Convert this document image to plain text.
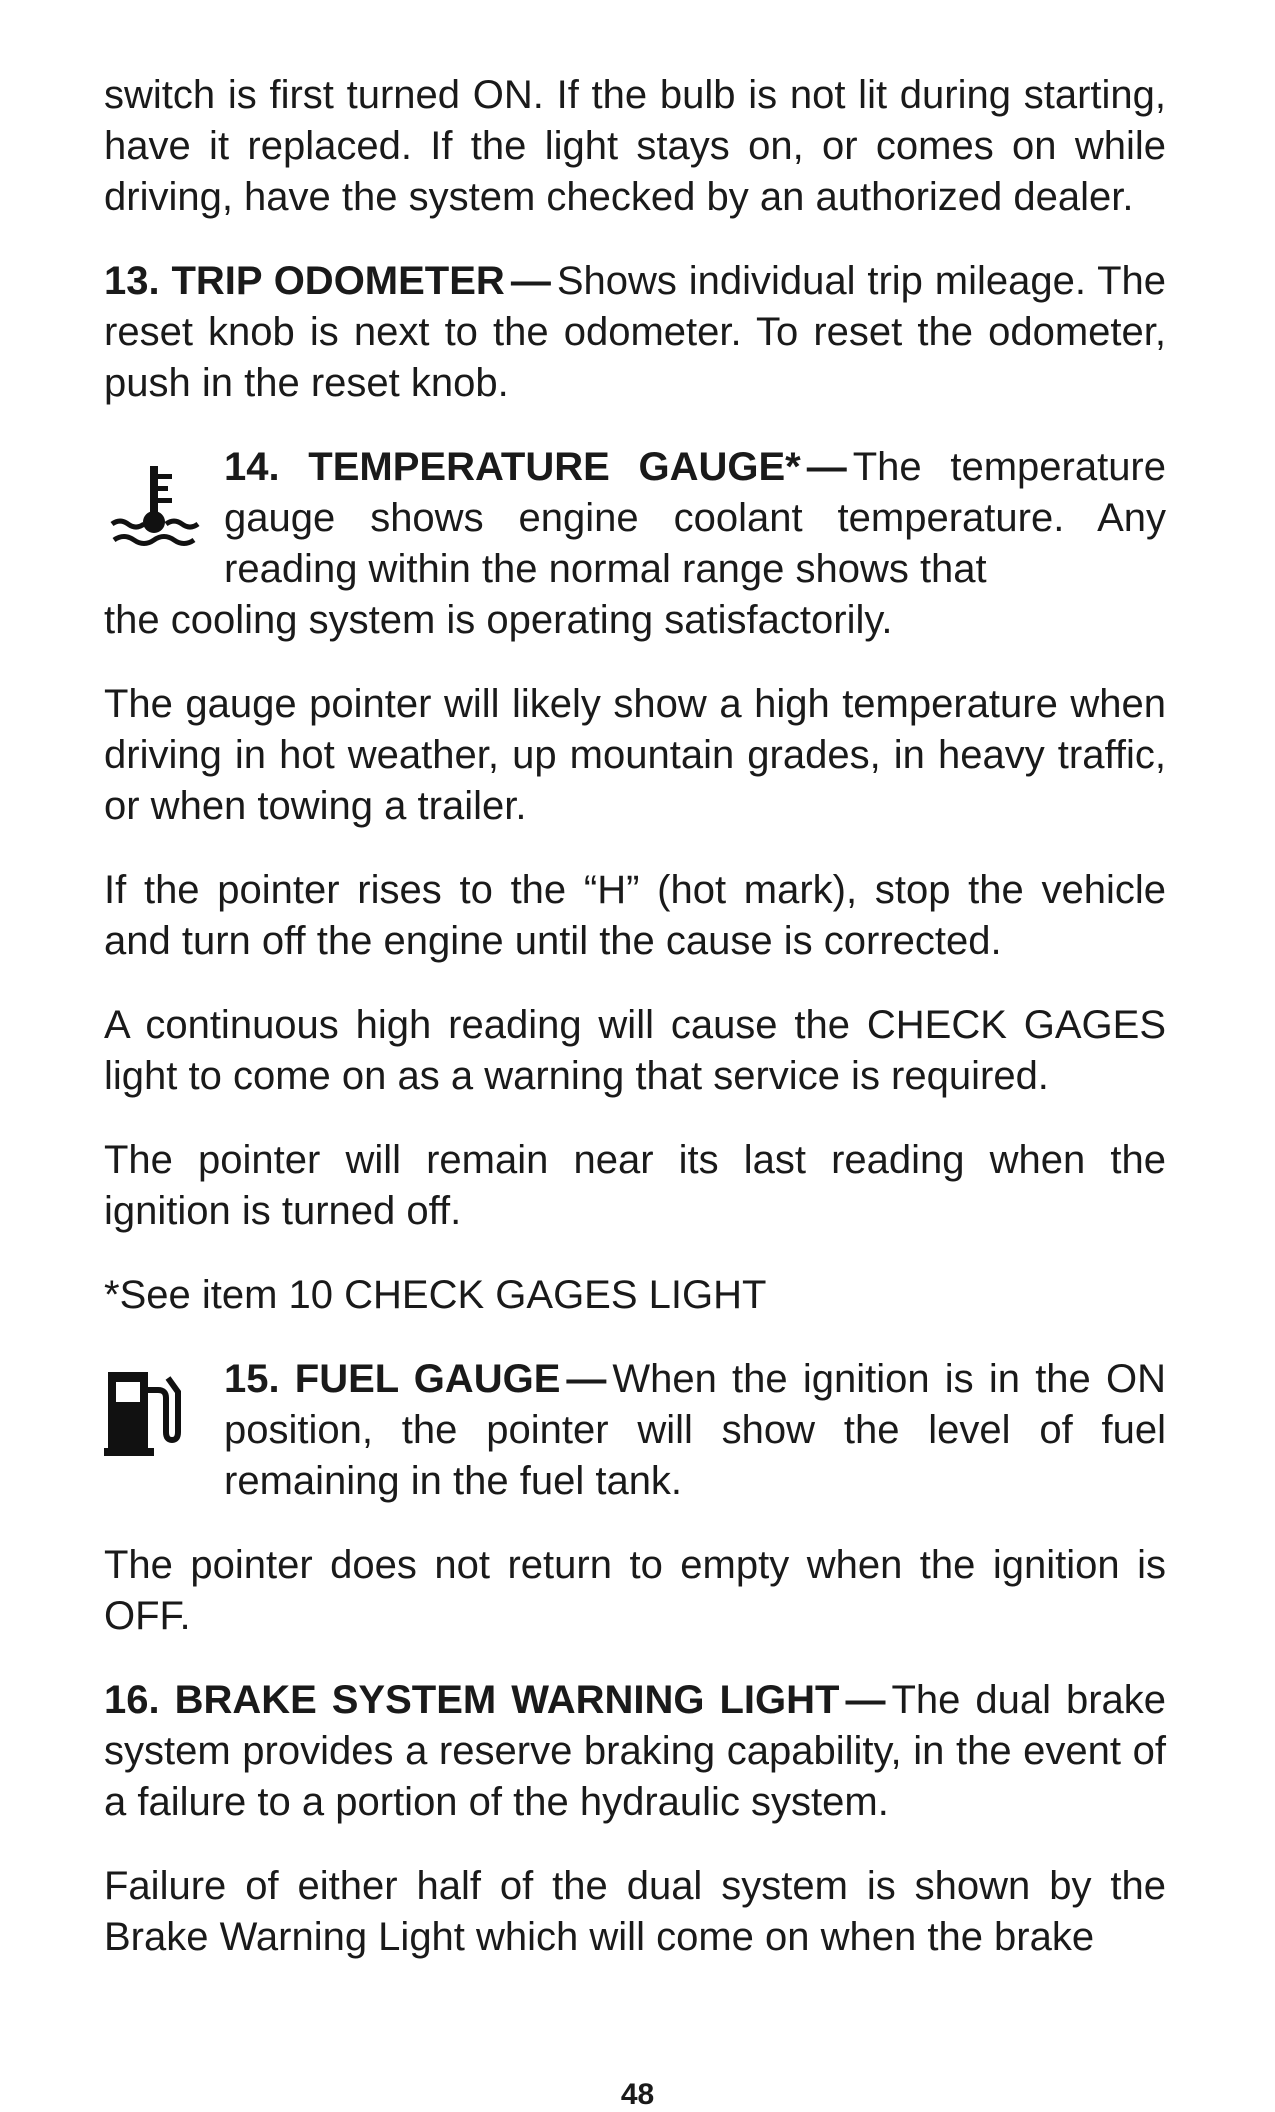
switch is first turned ON. If the bulb is not lit during starting, have it replaced. If the light stays on, or comes on while driving, have the system checked by an authorized dealer.

13. TRIP ODOMETER — Shows individual trip mileage. The reset knob is next to the odometer. To reset the odometer, push in the reset knob.

14. TEMPERATURE GAUGE* — The temperature gauge shows engine coolant temperature. Any reading within the normal range shows that

the cooling system is operating satisfactorily.

The gauge pointer will likely show a high temperature when driving in hot weather, up mountain grades, in heavy traffic, or when towing a trailer.

If the pointer rises to the “H” (hot mark), stop the vehicle and turn off the engine until the cause is corrected.

A continuous high reading will cause the CHECK GAGES light to come on as a warning that service is required.

The pointer will remain near its last reading when the ignition is turned off.

*See item 10 CHECK GAGES LIGHT

15. FUEL GAUGE — When the ignition is in the ON position, the pointer will show the level of fuel remaining in the fuel tank.

The pointer does not return to empty when the ignition is OFF.

16. BRAKE SYSTEM WARNING LIGHT — The dual brake system provides a reserve braking capability, in the event of a failure to a portion of the hydraulic system.

Failure of either half of the dual system is shown by the Brake Warning Light which will come on when the brake

48
